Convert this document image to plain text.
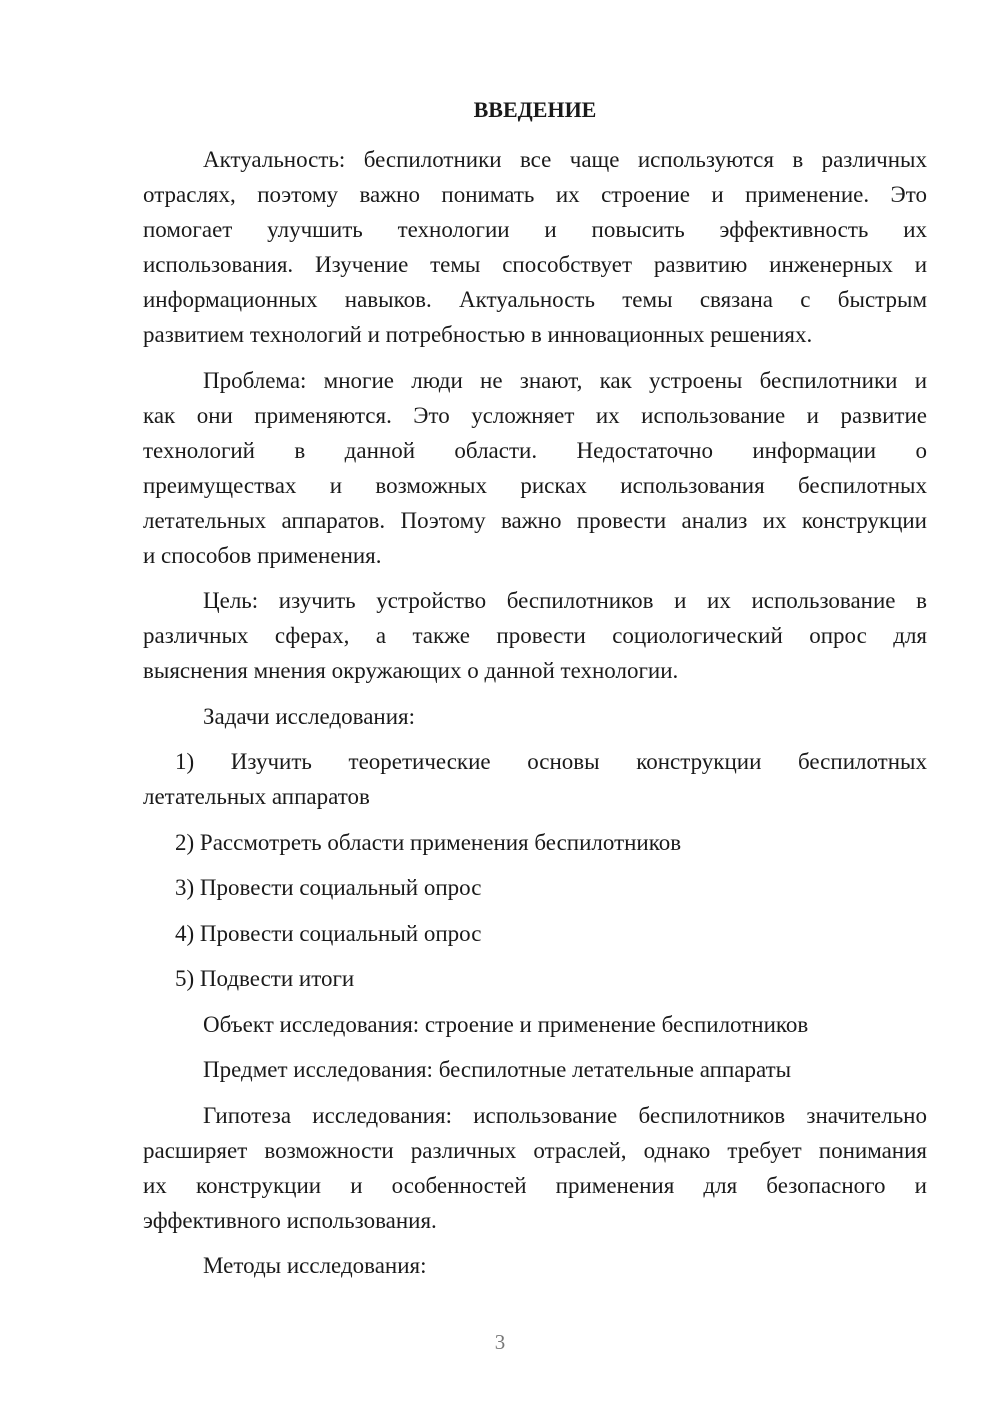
ВВЕДЕНИЕ
Актуальность: беспилотники все чаще используются в различных
отраслях, поэтому важно понимать их строение и применение. Это
помогает улучшить технологии и повысить эффективность их
использования. Изучение темы способствует развитию инженерных и
информационных навыков. Актуальность темы связана с быстрым
развитием технологий и потребностью в инновационных решениях.
Проблема: многие люди не знают, как устроены беспилотники и
как они применяются. Это усложняет их использование и развитие
технологий в данной области. Недостаточно информации о
преимуществах и возможных рисках использования беспилотных
летательных аппаратов. Поэтому важно провести анализ их конструкции
и способов применения.
Цель: изучить устройство беспилотников и их использование в
различных сферах, а также провести социологический опрос для
выяснения мнения окружающих о данной технологии.
Задачи исследования:
1) Изучить теоретические основы конструкции беспилотных
летательных аппаратов
2) Рассмотреть области применения беспилотников
3) Провести социальный опрос
4) Провести социальный опрос
5) Подвести итоги
Объект исследования: строение и применение беспилотников
Предмет исследования: беспилотные летательные аппараты
Гипотеза исследования: использование беспилотников значительно
расширяет возможности различных отраслей, однако требует понимания
их конструкции и особенностей применения для безопасного и
эффективного использования.
Методы исследования:
3
